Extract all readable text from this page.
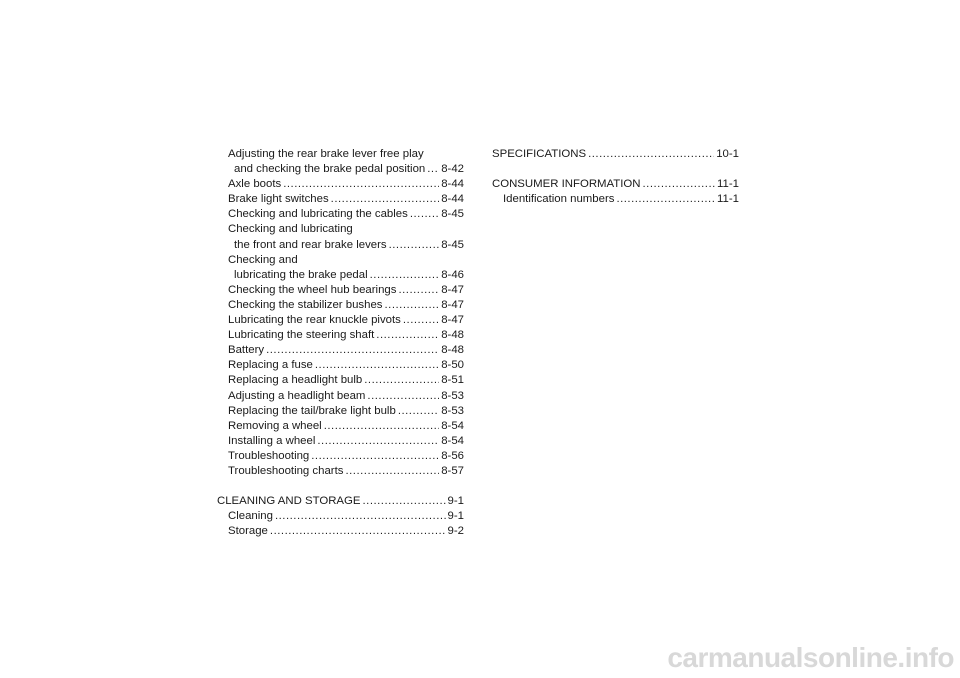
Adjusting the rear brake lever free play
and checking the brake pedal position ..... 8-42
Axle boots .....	8-44
Brake light switches .....	8-44
Checking and lubricating the cables .....	8-45
Checking and lubricating
the front and rear brake levers .....	8-45
Checking and
lubricating the brake pedal .....	8-46
Checking the wheel hub bearings .....	8-47
Checking the stabilizer bushes .....	8-47
Lubricating the rear knuckle pivots .....	8-47
Lubricating the steering shaft .....	8-48
Battery .....	8-48
Replacing a fuse .....	8-50
Replacing a headlight bulb .....	8-51
Adjusting a headlight beam .....	8-53
Replacing the tail/brake light bulb .....	8-53
Removing a wheel .....	8-54
Installing a wheel .....	8-54
Troubleshooting .....	8-56
Troubleshooting charts .....	8-57
CLEANING AND STORAGE .....	9-1
Cleaning .....	9-1
Storage .....	9-2
SPECIFICATIONS .....	10-1
CONSUMER INFORMATION .....	11-1
Identification numbers .....	11-1
carmanualsonline.info
